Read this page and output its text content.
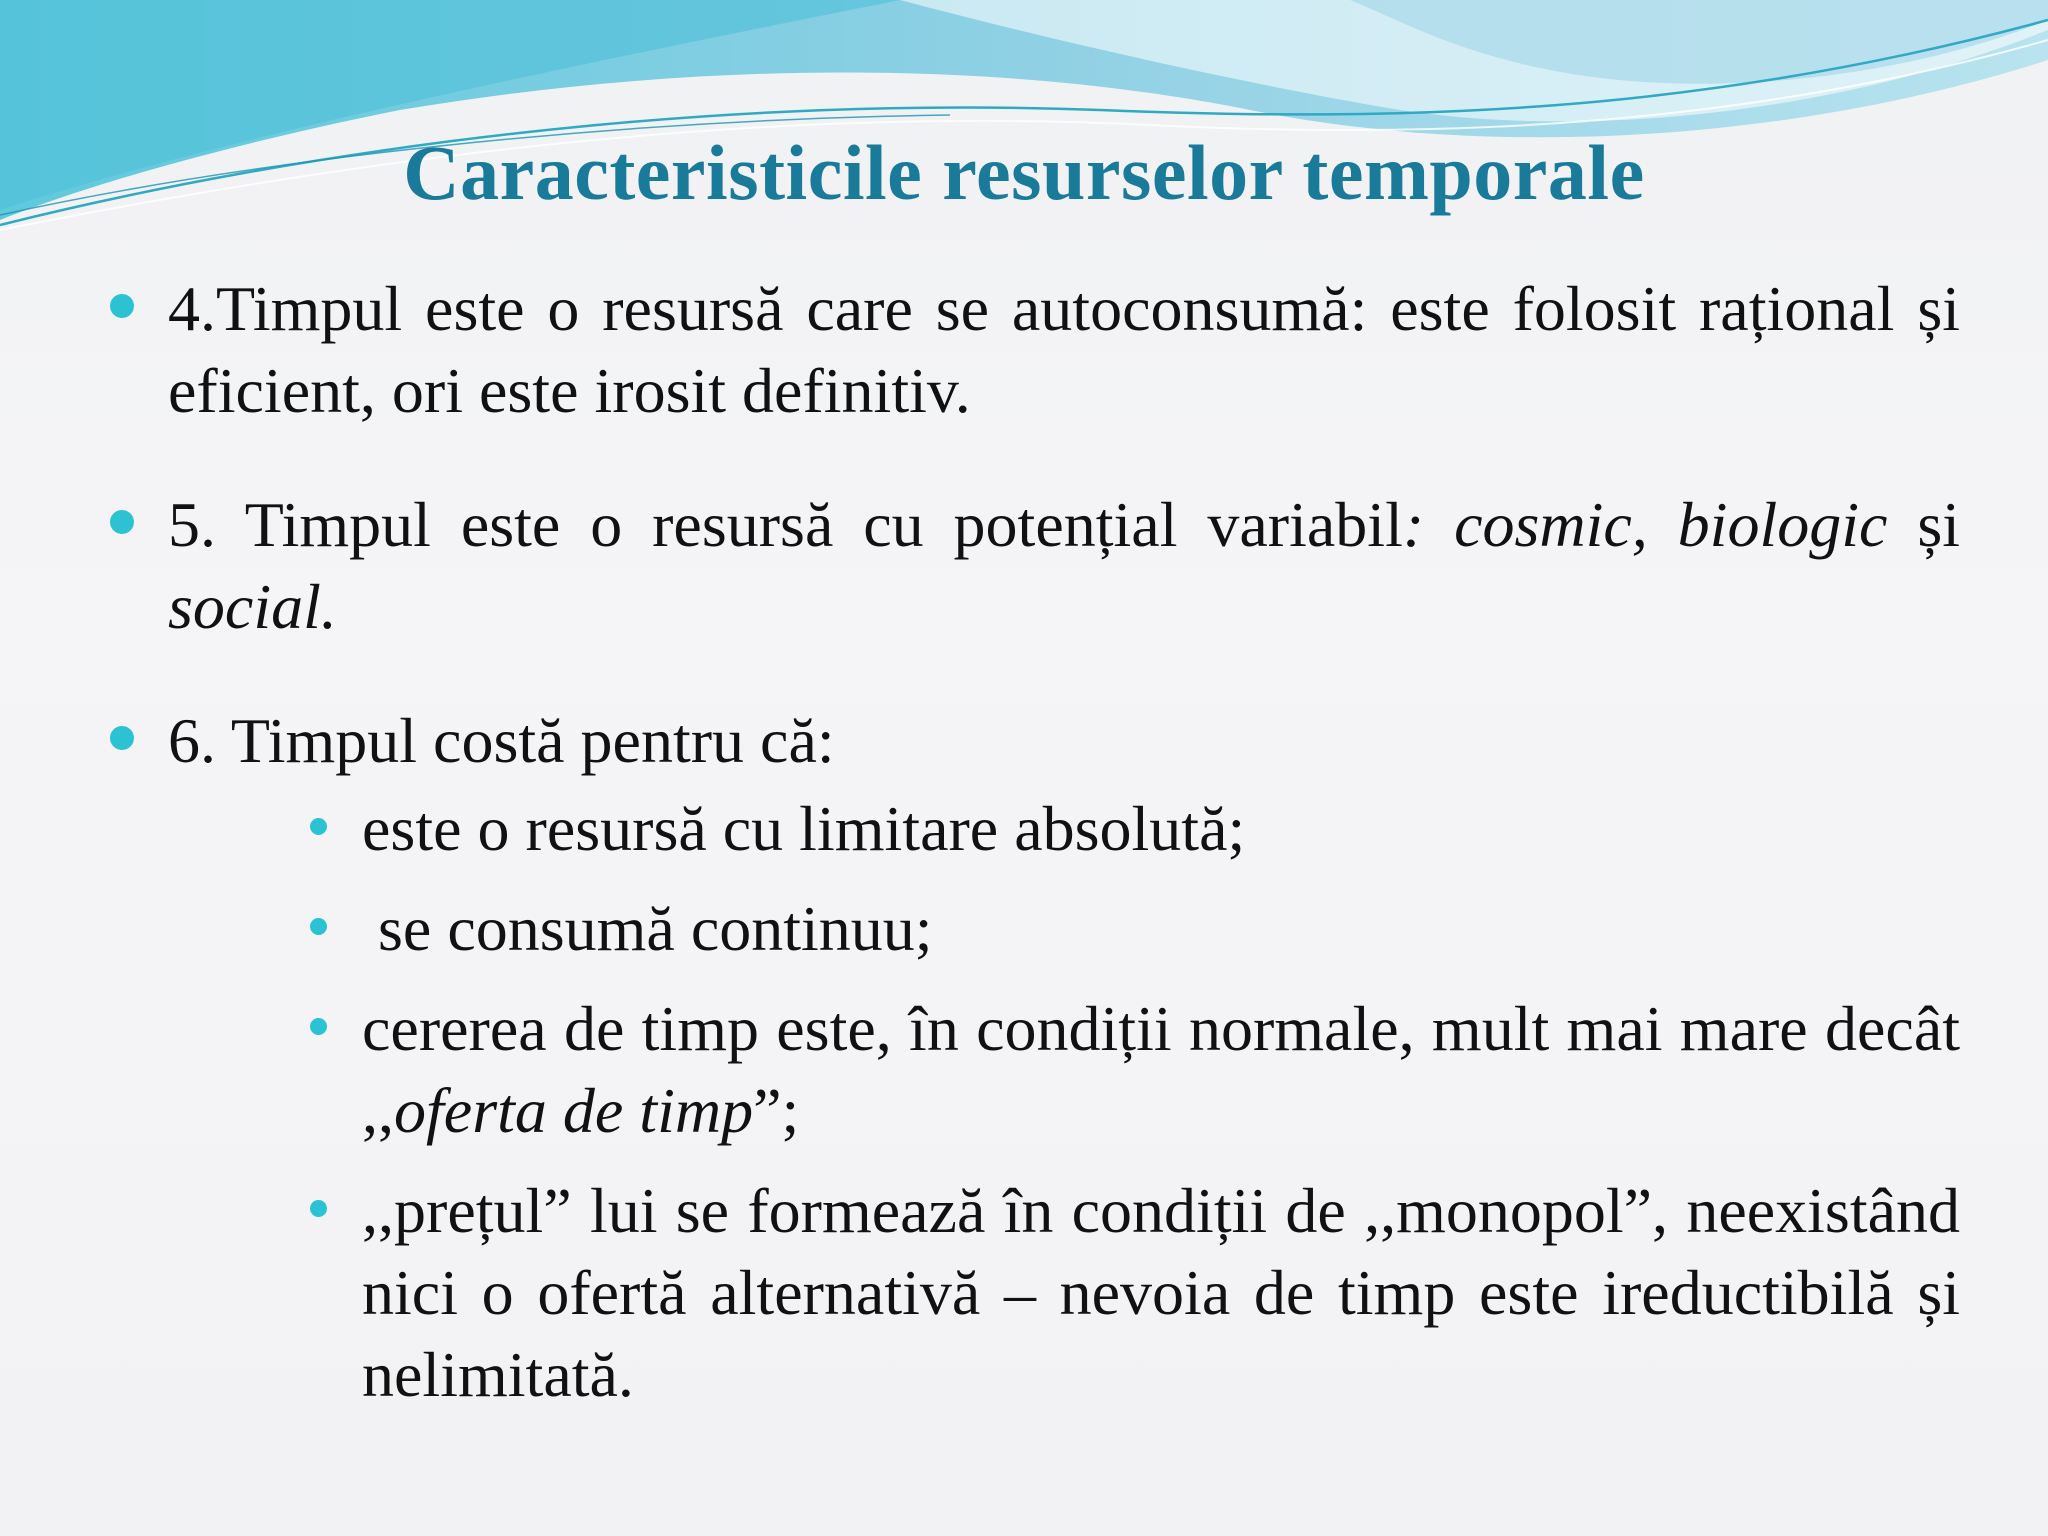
Caracteristicile resurselor temporale
4.Timpul este o resursă care se autoconsumă: este folosit rațional și eficient, ori este irosit definitiv.
5. Timpul este o resursă cu potențial variabil: cosmic, biologic și social.
6. Timpul costă pentru că:
este o resursă cu limitare absolută;
se consumă continuu;
cererea de timp este, în condiții normale, mult mai mare decât ,,oferta de timp”;
,,prețul” lui se formează în condiții de ,,monopol”, neexistând nici o ofertă alternativă – nevoia de timp este ireductibilă și nelimitată.
